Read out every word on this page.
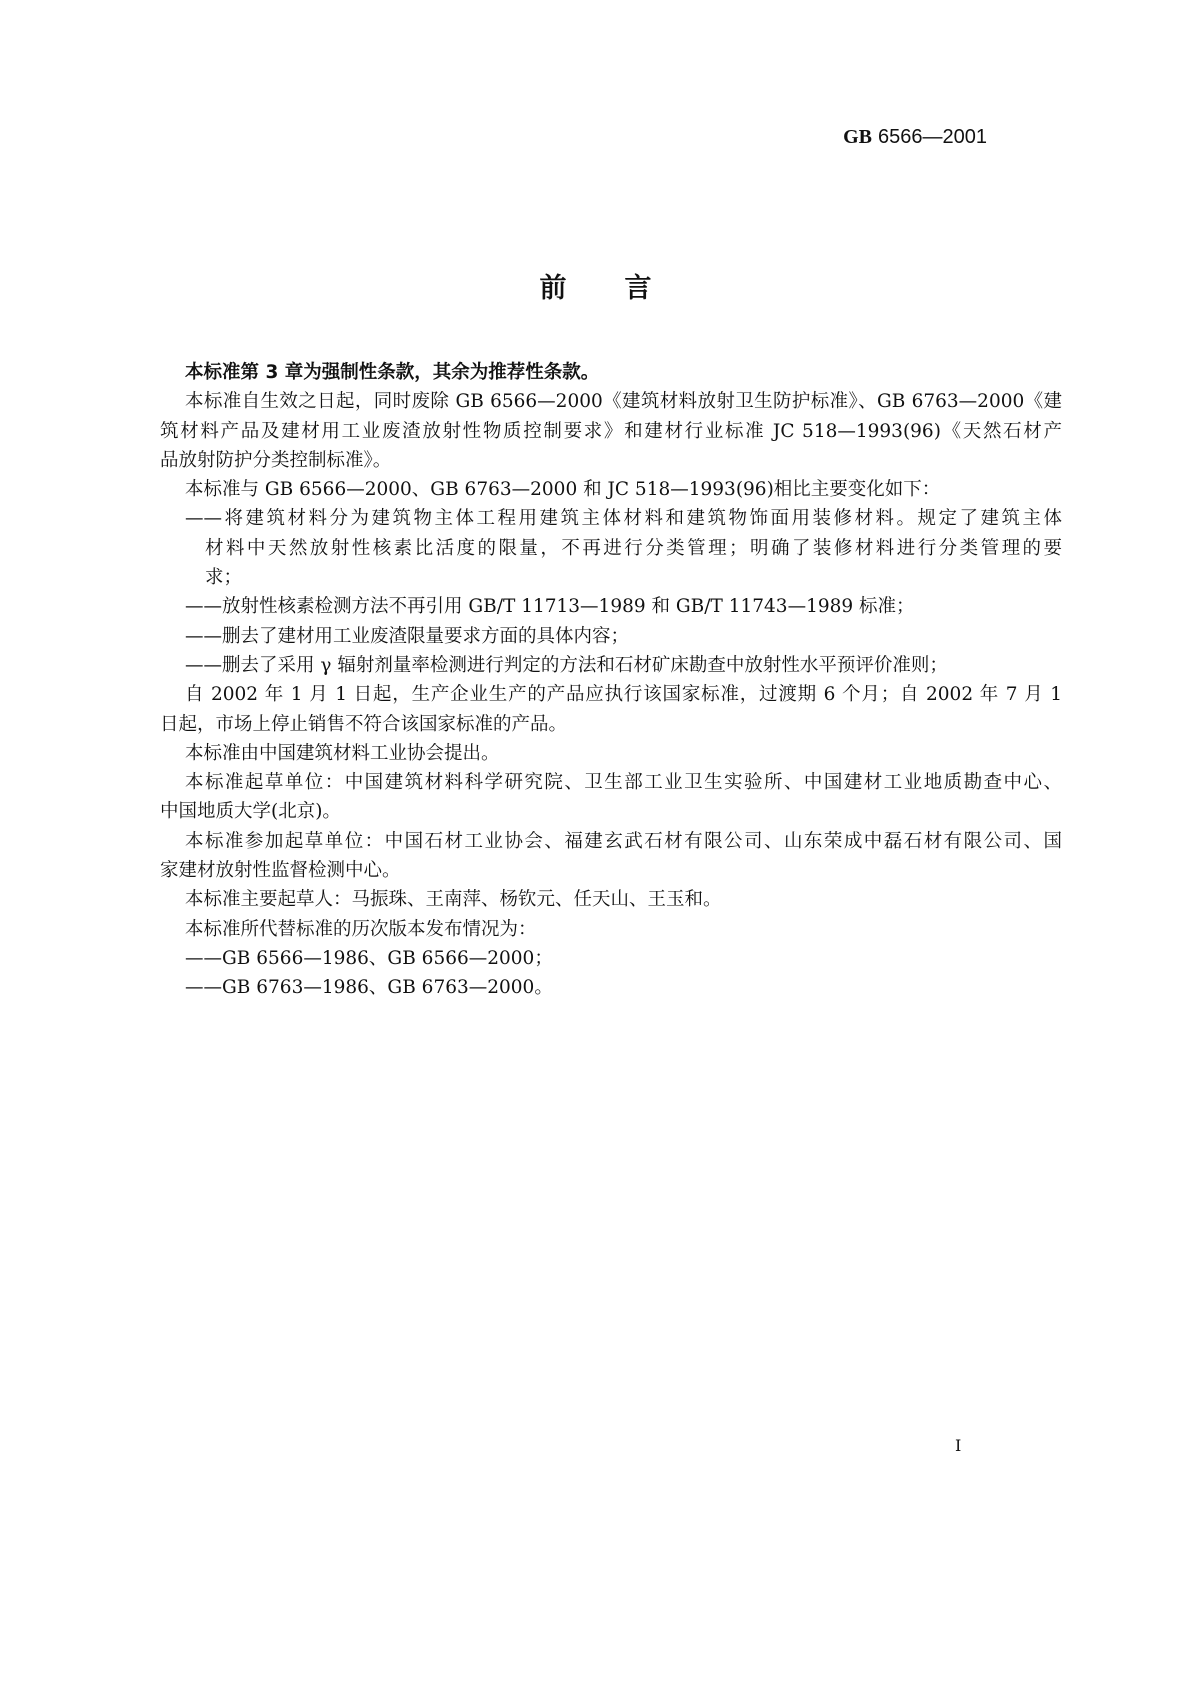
GB 6566—2001
前言
本标准第 3 章为强制性条款，其余为推荐性条款。
本标准自生效之日起，同时废除 GB 6566—2000《建筑材料放射卫生防护标准》、GB 6763—2000《建
筑材料产品及建材用工业废渣放射性物质控制要求》和建材行业标准 JC 518—1993(96)《天然石材产
品放射防护分类控制标准》。
本标准与 GB 6566—2000、GB 6763—2000 和 JC 518—1993(96)相比主要变化如下：
——将建筑材料分为建筑物主体工程用建筑主体材料和建筑物饰面用装修材料。规定了建筑主体
材料中天然放射性核素比活度的限量，不再进行分类管理；明确了装修材料进行分类管理的要
求；
——放射性核素检测方法不再引用 GB/T 11713—1989 和 GB/T 11743—1989 标准；
——删去了建材用工业废渣限量要求方面的具体内容；
——删去了采用 γ 辐射剂量率检测进行判定的方法和石材矿床勘查中放射性水平预评价准则；
自 2002 年 1 月 1 日起，生产企业生产的产品应执行该国家标准，过渡期 6 个月；自 2002 年 7 月 1
日起，市场上停止销售不符合该国家标准的产品。
本标准由中国建筑材料工业协会提出。
本标准起草单位：中国建筑材料科学研究院、卫生部工业卫生实验所、中国建材工业地质勘查中心、
中国地质大学(北京)。
本标准参加起草单位：中国石材工业协会、福建玄武石材有限公司、山东荣成中磊石材有限公司、国
家建材放射性监督检测中心。
本标准主要起草人：马振珠、王南萍、杨钦元、任天山、王玉和。
本标准所代替标准的历次版本发布情况为：
——GB 6566—1986、GB 6566—2000；
——GB 6763—1986、GB 6763—2000。
I
